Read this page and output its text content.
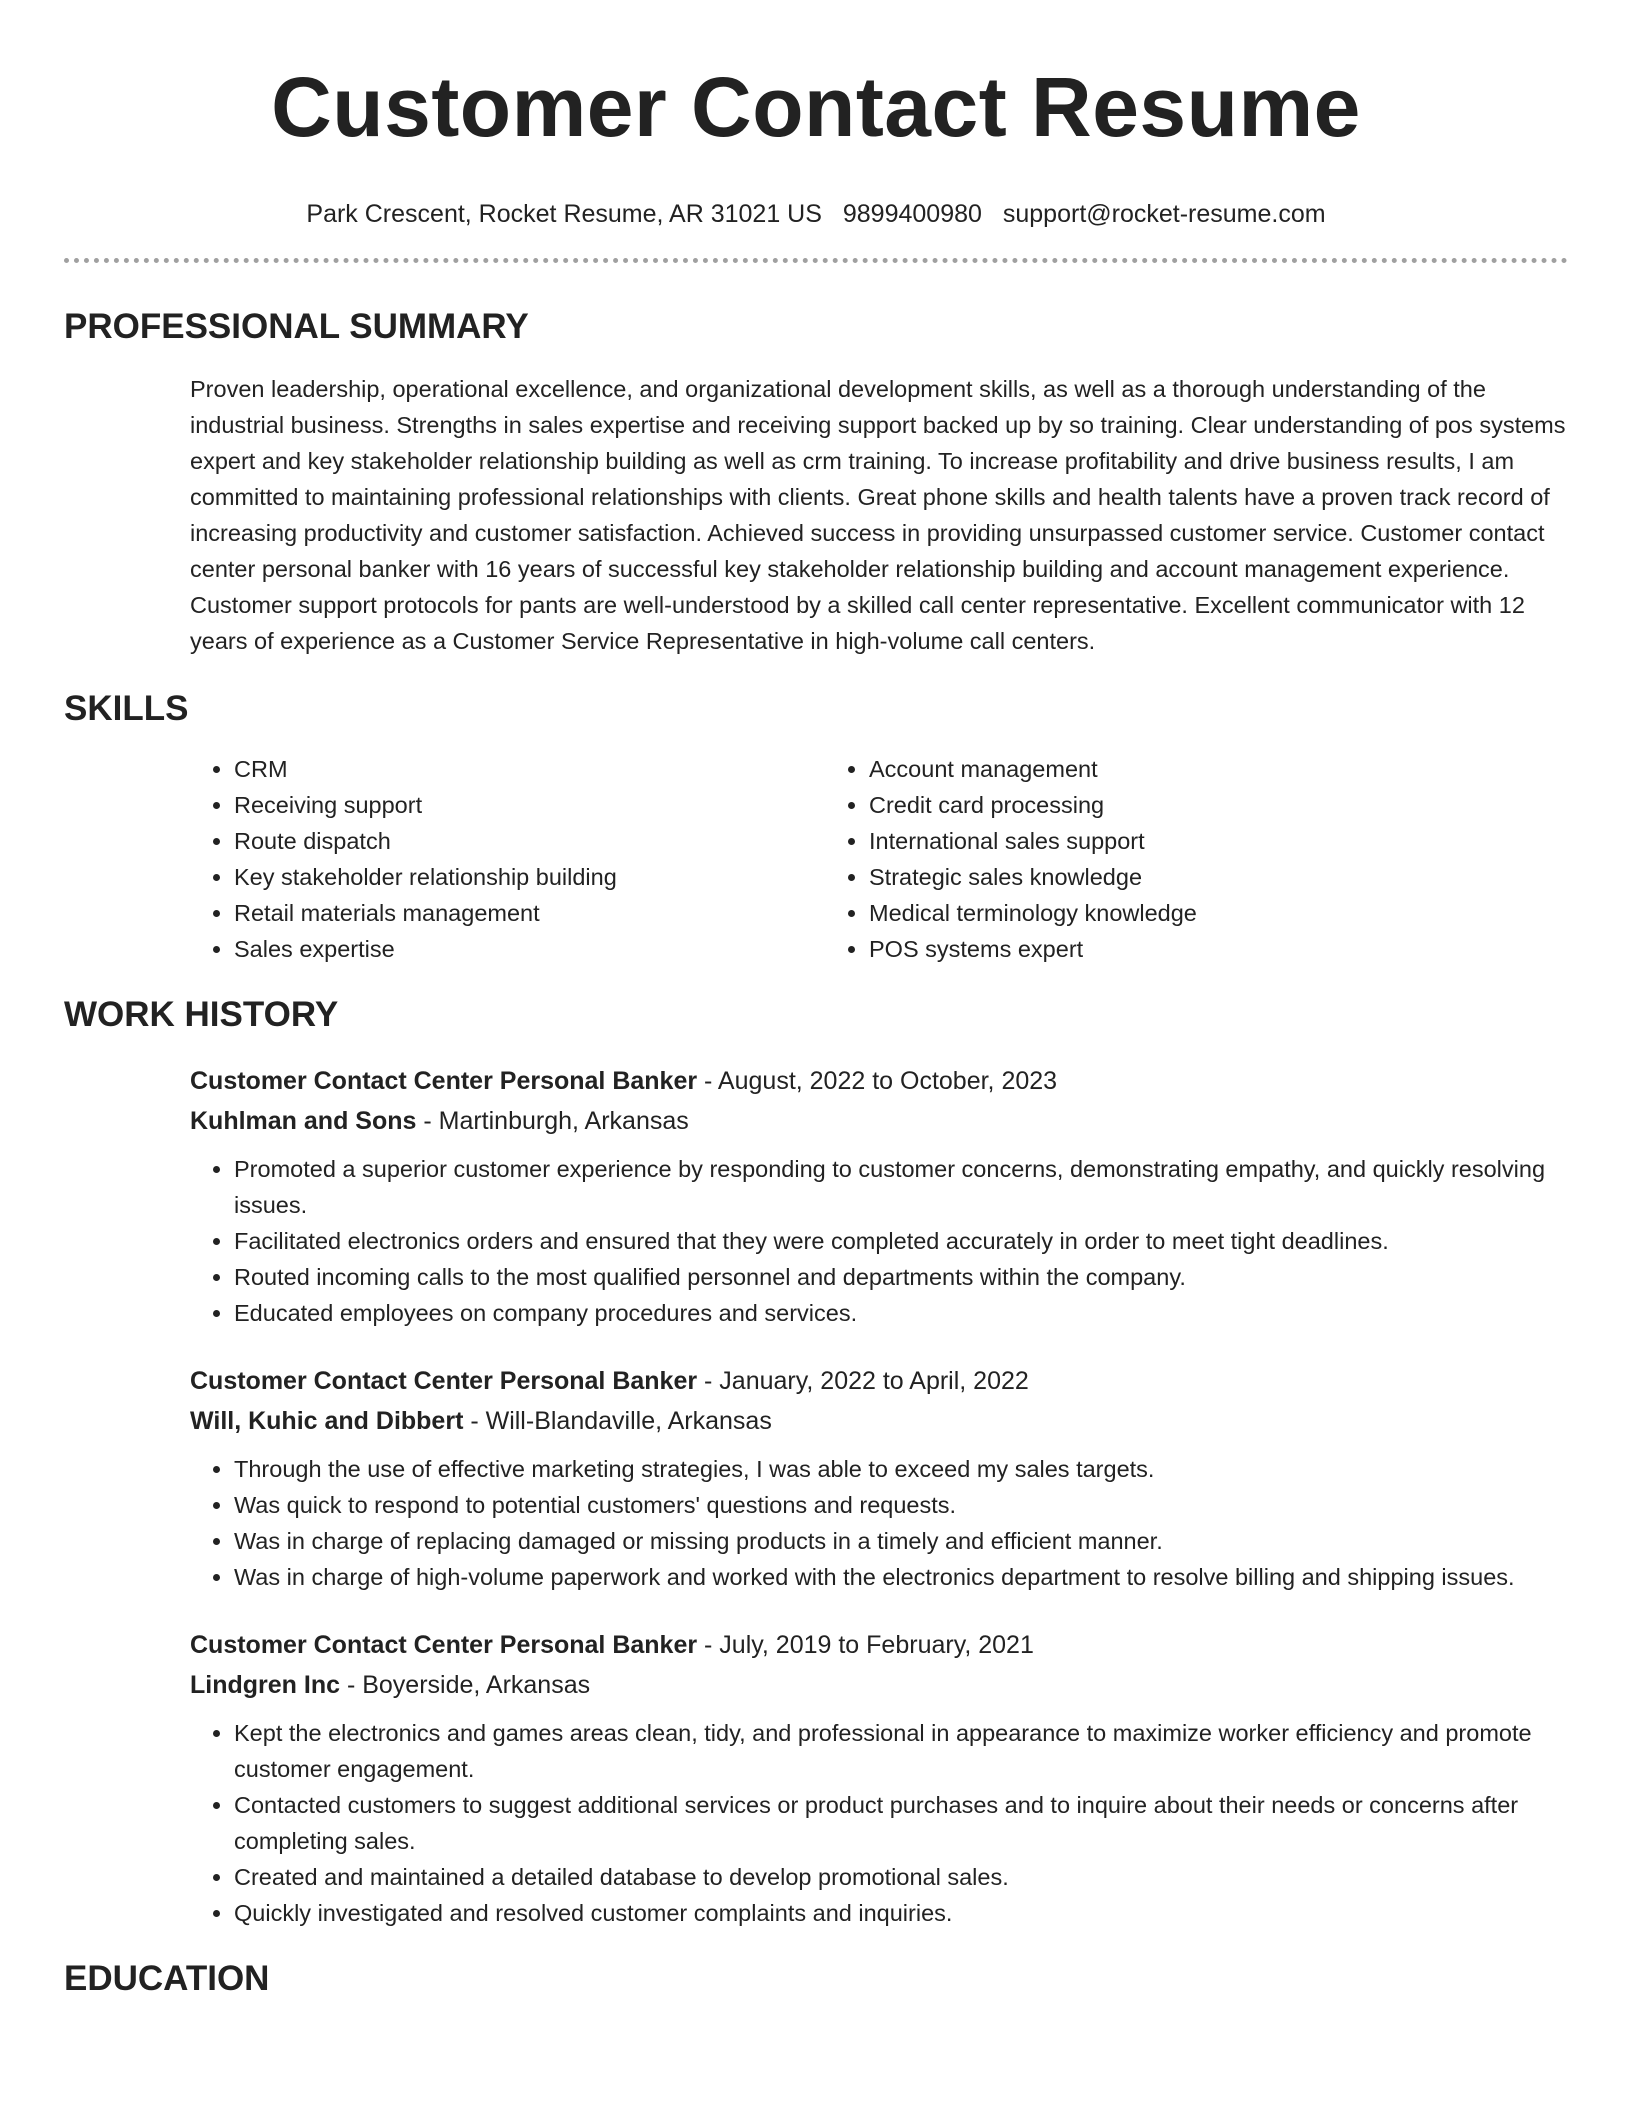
Customer Contact Resume
Park Crescent, Rocket Resume, AR 31021 US 9899400980 support@rocket-resume.com
PROFESSIONAL SUMMARY

Proven leadership, operational excellence, and organizational development skills, as well as a thorough understanding of the industrial business. Strengths in sales expertise and receiving support backed up by so training. Clear understanding of pos systems expert and key stakeholder relationship building as well as crm training. To increase profitability and drive business results, I am committed to maintaining professional relationships with clients. Great phone skills and health talents have a proven track record of increasing productivity and customer satisfaction. Achieved success in providing unsurpassed customer service. Customer contact center personal banker with 16 years of successful key stakeholder relationship building and account management experience. Customer support protocols for pants are well-understood by a skilled call center representative. Excellent communicator with 12 years of experience as a Customer Service Representative in high-volume call centers.

SKILLS
• CRM
• Receiving support
• Route dispatch
• Key stakeholder relationship building
• Retail materials management
• Sales expertise
• Account management
• Credit card processing
• International sales support
• Strategic sales knowledge
• Medical terminology knowledge
• POS systems expert
WORK HISTORY
Customer Contact Center Personal Banker - August, 2022 to October, 2023
Kuhlman and Sons - Martinburgh, Arkansas
• Promoted a superior customer experience by responding to customer concerns, demonstrating empathy, and quickly resolving issues.
• Facilitated electronics orders and ensured that they were completed accurately in order to meet tight deadlines.
• Routed incoming calls to the most qualified personnel and departments within the company.
• Educated employees on company procedures and services.
Customer Contact Center Personal Banker - January, 2022 to April, 2022
Will, Kuhic and Dibbert - Will-Blandaville, Arkansas
• Through the use of effective marketing strategies, I was able to exceed my sales targets.
• Was quick to respond to potential customers' questions and requests.
• Was in charge of replacing damaged or missing products in a timely and efficient manner.
• Was in charge of high-volume paperwork and worked with the electronics department to resolve billing and shipping issues.
Customer Contact Center Personal Banker - July, 2019 to February, 2021
Lindgren Inc - Boyerside, Arkansas
• Kept the electronics and games areas clean, tidy, and professional in appearance to maximize worker efficiency and promote customer engagement.
• Contacted customers to suggest additional services or product purchases and to inquire about their needs or concerns after completing sales.
• Created and maintained a detailed database to develop promotional sales.
• Quickly investigated and resolved customer complaints and inquiries.
EDUCATION
